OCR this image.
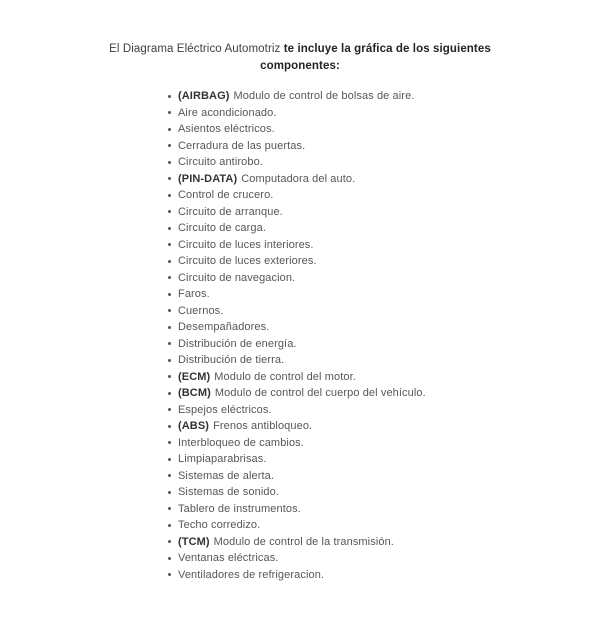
El Diagrama Eléctrico Automotriz te incluye la gráfica de los siguientes
componentes:
(AIRBAG) Modulo de control de bolsas de aire.
Aire acondicionado.
Asientos eléctricos.
Cerradura de las puertas.
Circuito antirobo.
(PIN-DATA) Computadora del auto.
Control de crucero.
Circuito de arranque.
Circuito de carga.
Circuito de luces interiores.
Circuito de luces exteriores.
Circuito de navegacion.
Faros.
Cuernos.
Desempañadores.
Distribución de energía.
Distribución de tierra.
(ECM) Modulo de control del motor.
(BCM) Modulo de control del cuerpo del vehículo.
Espejos eléctricos.
(ABS) Frenos antibloqueo.
Interbloqueo de cambios.
Limpiaparabrisas.
Sistemas de alerta.
Sistemas de sonido.
Tablero de instrumentos.
Techo corredizo.
(TCM) Modulo de control de la transmisión.
Ventanas eléctricas.
Ventiladores de refrigeracion.
